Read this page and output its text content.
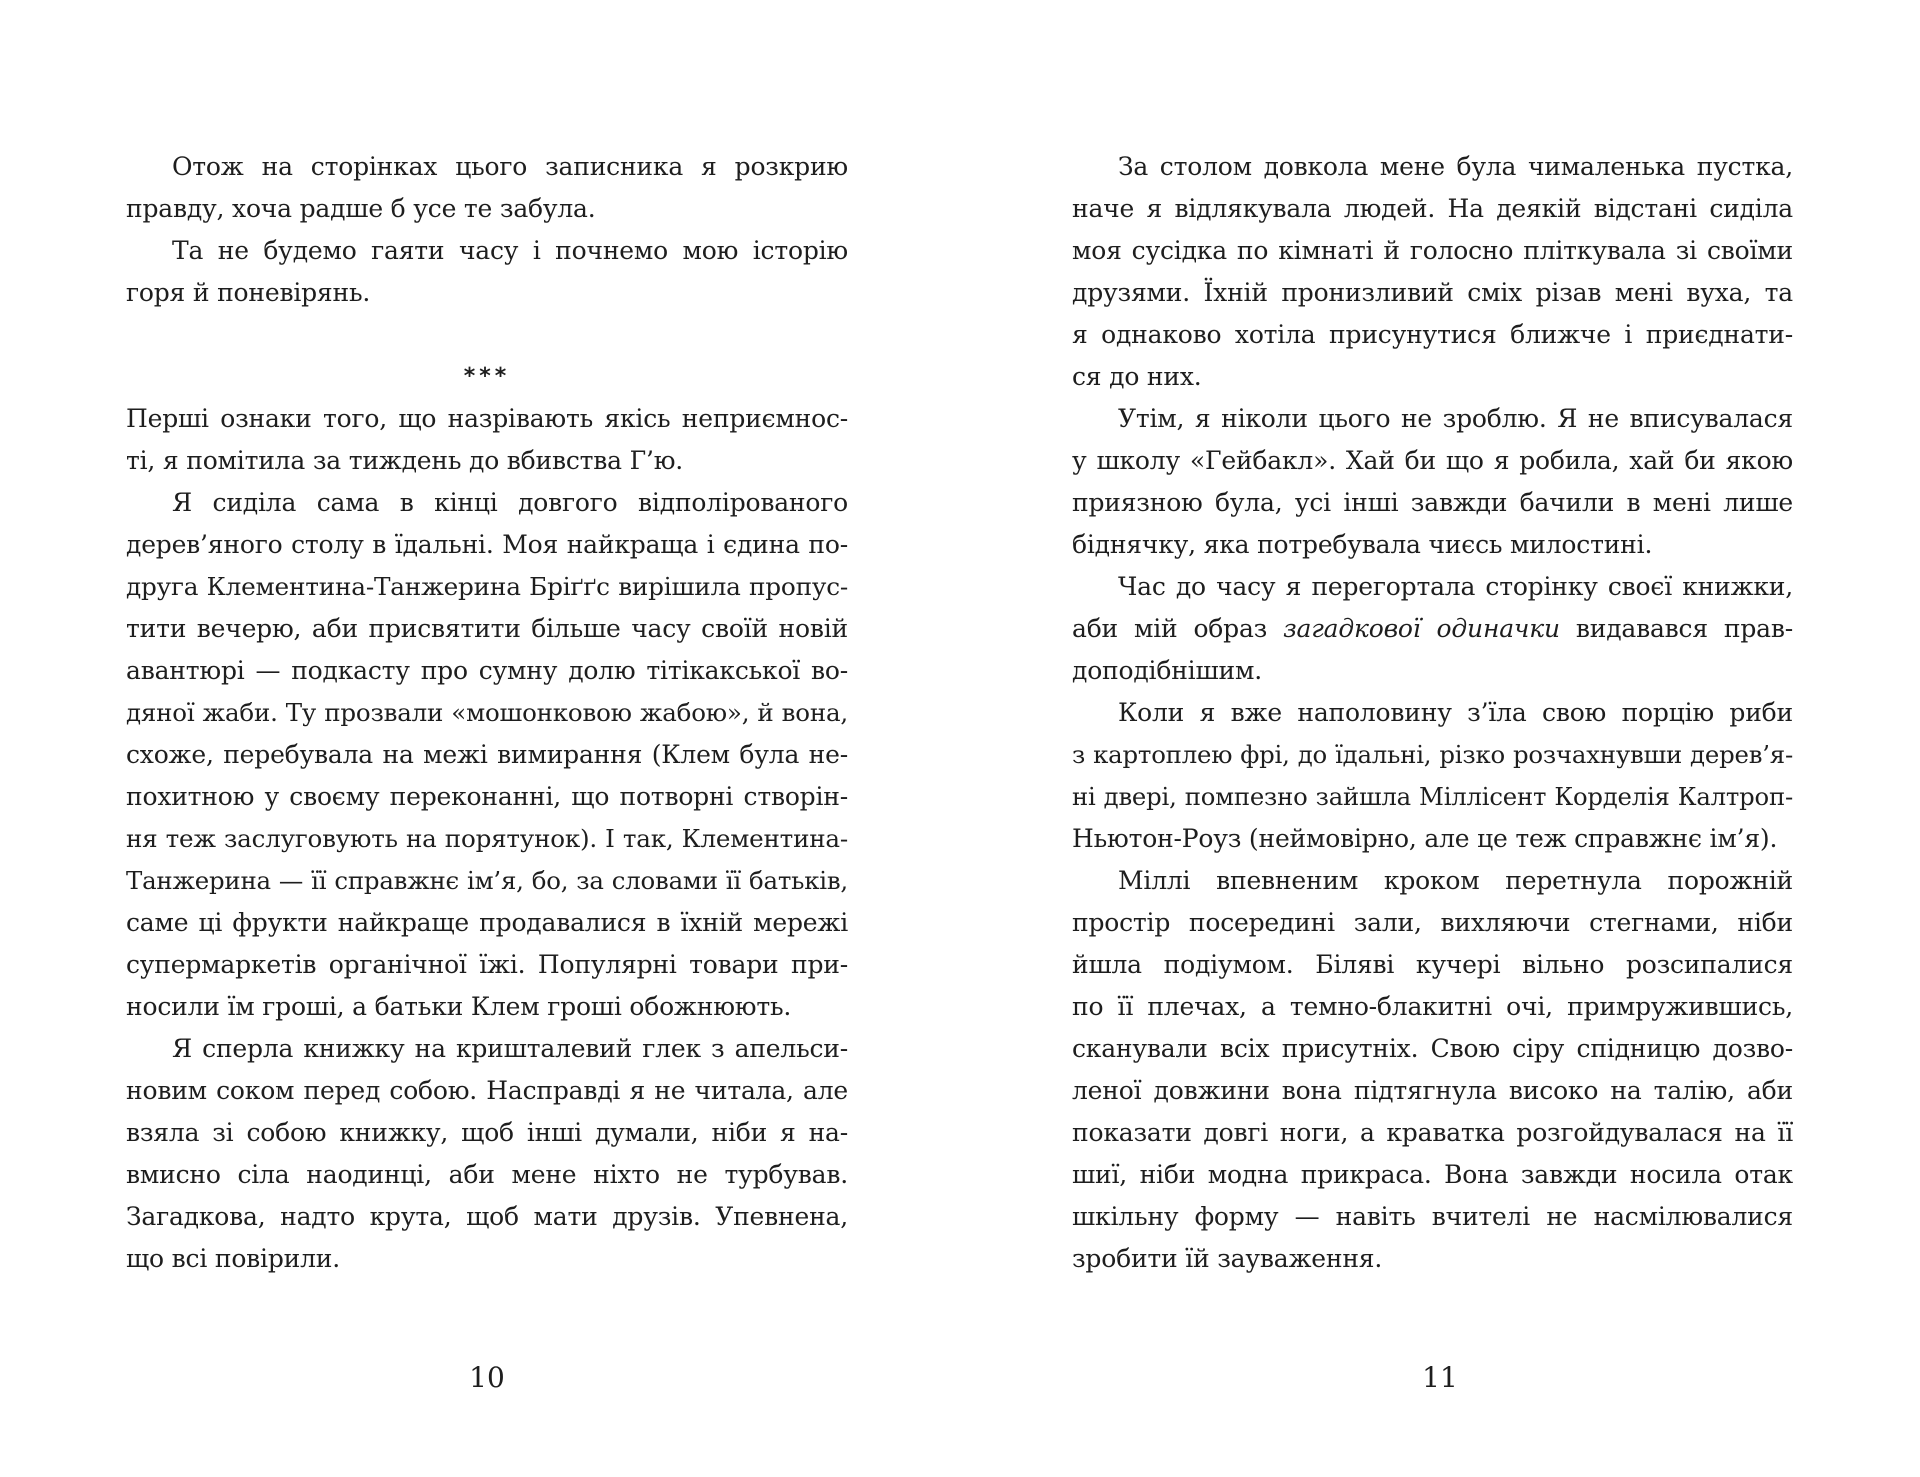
Отож на сторінках цього записника я розкрию
правду, хоча радше б усе те забула.
Та не будемо гаяти часу і почнемо мою історію
горя й поневірянь.

***
Перші ознаки того, що назрівають якісь неприємнос-
ті, я помітила за тиждень до вбивства Г’ю.
Я сиділа сама в кінці довгого відполірованого
дерев’яного столу в їдальні. Моя найкраща і єдина по-
друга Клементина-Танжерина Бріґґс вирішила пропус-
тити вечерю, аби присвятити більше часу своїй новій
авантюрі — подкасту про сумну долю тітікакської во-
дяної жаби. Ту прозвали «мошонковою жабою», й вона,
схоже, перебувала на межі вимирання (Клем була не-
похитною у своєму переконанні, що потворні створін-
ня теж заслуговують на порятунок). І так, Клементина-
Танжерина — її справжнє ім’я, бо, за словами її батьків,
саме ці фрукти найкраще продавалися в їхній мережі
супермаркетів органічної їжі. Популярні товари при-
носили їм гроші, а батьки Клем гроші обожнюють.
Я сперла книжку на кришталевий глек з апельси-
новим соком перед собою. Насправді я не читала, але
взяла зі собою книжку, щоб інші думали, ніби я на-
вмисно сіла наодинці, аби мене ніхто не турбував.
Загадкова, надто крута, щоб мати друзів. Упевнена,
що всі повірили.
10
За столом довкола мене була чималенька пустка,
наче я відлякувала людей. На деякій відстані сиділа
моя сусідка по кімнаті й голосно пліткувала зі своїми
друзями. Їхній пронизливий сміх різав мені вуха, та
я однаково хотіла присунутися ближче і приєднати-
ся до них.
Утім, я ніколи цього не зроблю. Я не вписувалася
у школу «Гейбакл». Хай би що я робила, хай би якою
приязною була, усі інші завжди бачили в мені лише
біднячку, яка потребувала чиєсь милостині.
Час до часу я перегортала сторінку своєї книжки,
аби мій образ загадкової одиначки видавався прав-
доподібнішим.
Коли я вже наполовину з’їла свою порцію риби
з картоплею фрі, до їдальні, різко розчахнувши дерев’я-
ні двері, помпезно зайшла Міллісент Корделія Калтроп-
Ньютон-Роуз (неймовірно, але це теж справжнє ім’я).
Міллі впевненим кроком перетнула порожній
простір посередині зали, вихляючи стегнами, ніби
йшла подіумом. Біляві кучері вільно розсипалися
по її плечах, а темно-блакитні очі, примружившись,
сканували всіх присутніх. Свою сіру спідницю дозво-
леної довжини вона підтягнула високо на талію, аби
показати довгі ноги, а краватка розгойдувалася на її
шиї, ніби модна прикраса. Вона завжди носила отак
шкільну форму — навіть вчителі не насмілювалися
зробити їй зауваження.
11
